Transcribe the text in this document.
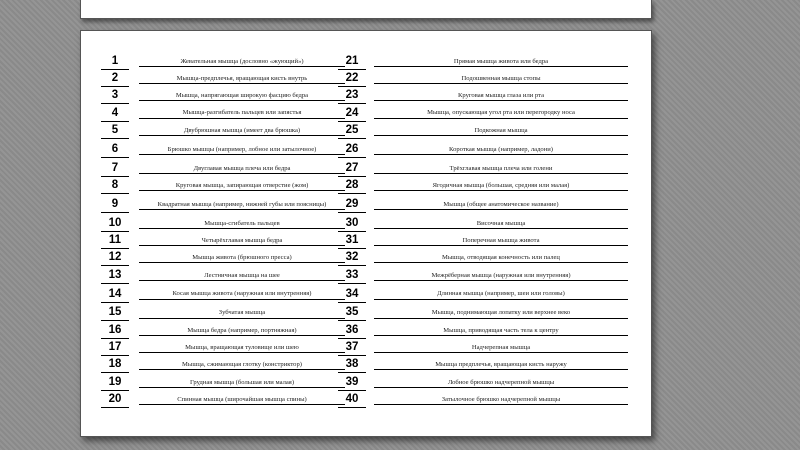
1	Жевательная мышца (дословно «жующий»)
2	Мышца-предплечья, вращающая кисть внутрь
3	Мышца, напрягающая широкую фасцию бедра
4	Мышца-разгибатель пальцев или запястья
5	Двубрюшная мышца (имеет два брюшка)
6	Брюшко мышцы (например, лобное или затылочное)
7	Двуглавая мышца плеча или бедра
8	Круговая мышца, запирающая отверстие (жом)
9	Квадратная мышца (например, нижней губы или поясницы)
10	Мышца-сгибатель пальцев
11	Четырёхглавая мышца бедра
12	Мышца живота (брюшного пресса)
13	Лестничная мышца на шее
14	Косая мышца живота (наружная или внутренняя)
15	Зубчатая мышца
16	Мышца бедра (например, портняжная)
17	Мышца, вращающая туловище или шею
18	Мышца, сжимающая глотку (констриктор)
19	Грудная мышца (большая или малая)
20	Спинная мышца (широчайшая мышца спины)
21	Прямая мышца живота или бедра
22	Подошвенная мышца стопы
23	Круговая мышца глаза или рта
24	Мышца, опускающая угол рта или перегородку носа
25	Подкожная мышца
26	Короткая мышца (например, ладони)
27	Трёхглавая мышца плеча или голени
28	Ягодичная мышца (большая, средняя или малая)
29	Мышца (общее анатомическое название)
30	Височная мышца
31	Поперечная мышца живота
32	Мышца, отводящая конечность или палец
33	Межрёберная мышца (наружная или внутренняя)
34	Длинная мышца (например, шеи или головы)
35	Мышца, поднимающая лопатку или верхнее веко
36	Мышца, приводящая часть тела к центру
37	Надчерепная мышца
38	Мышца предплечья, вращающая кисть наружу
39	Лобное брюшко надчерепной мышцы
40	Затылочное брюшко надчерепной мышцы
